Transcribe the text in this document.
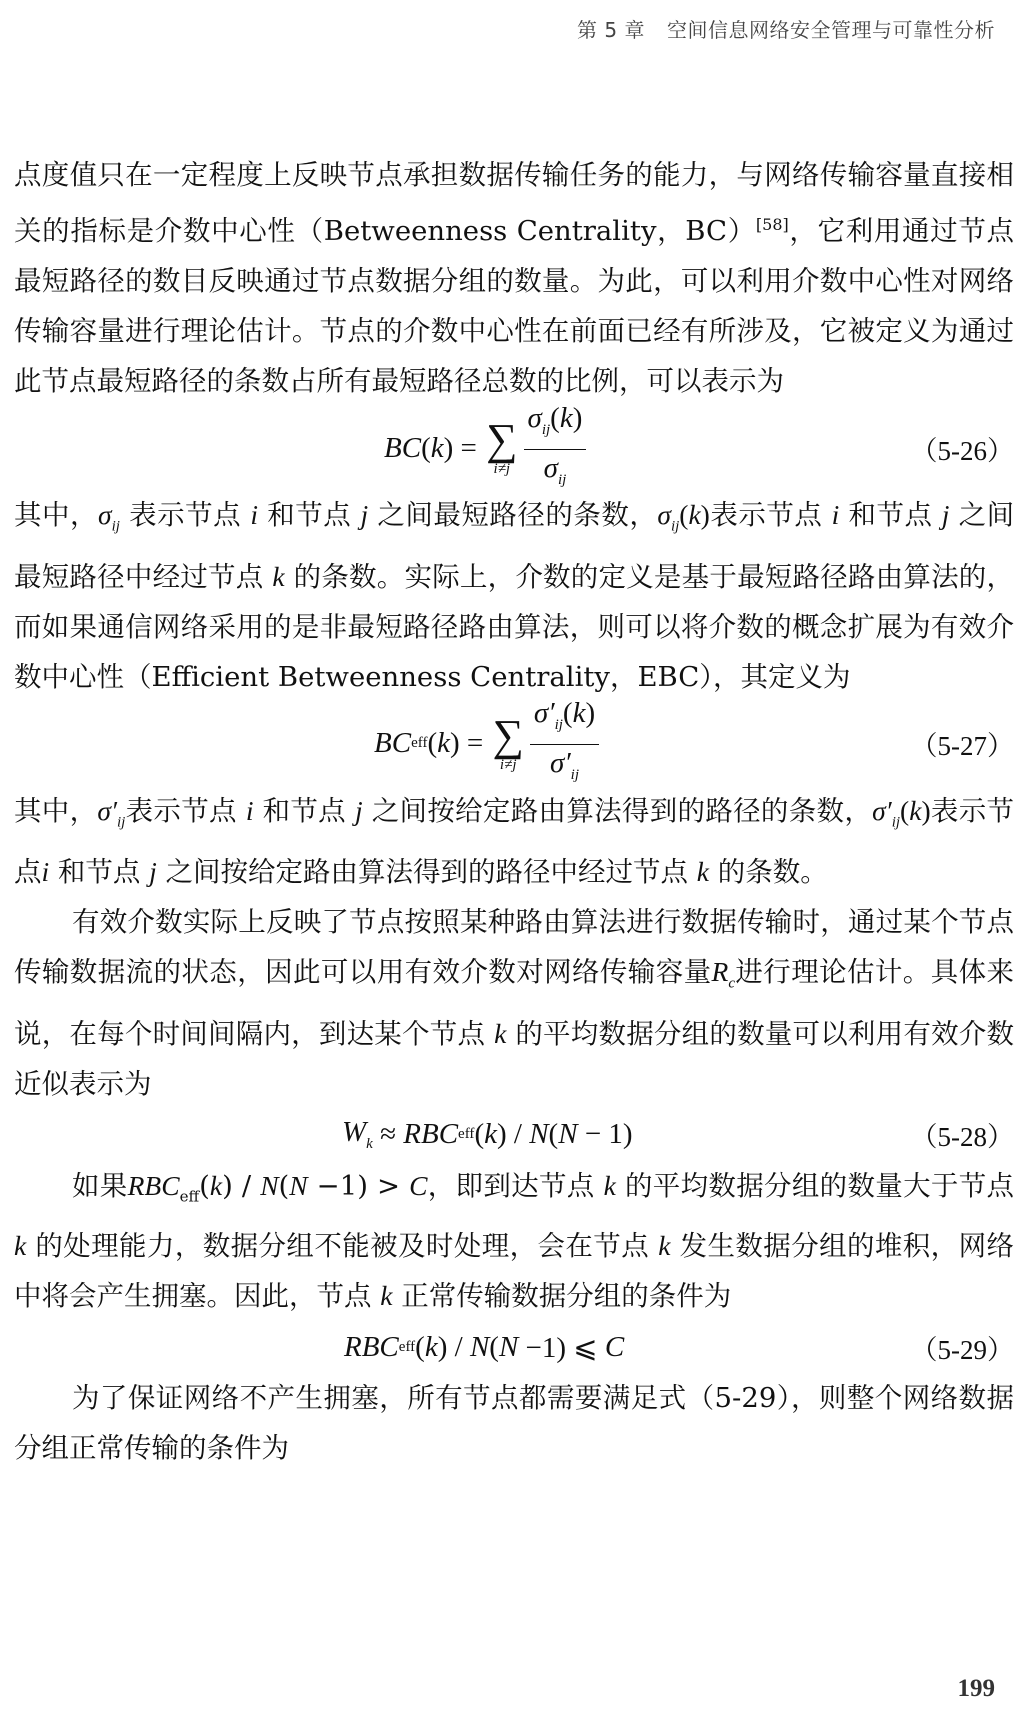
第 5 章 空间信息网络安全管理与可靠性分析

点度值只在一定程度上反映节点承担数据传输任务的能力，与网络传输容量直接相关的指标是介数中心性（Betweenness Centrality，BC）[58]，它利用通过节点最短路径的数目反映通过节点数据分组的数量。为此，可以利用介数中心性对网络传输容量进行理论估计。节点的介数中心性在前面已经有所涉及，它被定义为通过此节点最短路径的条数占所有最短路径总数的比例，可以表示为

BC ( k ) = ∑
$i\ne j \frac{\sigma_{ij}(k)}{\sigma_{ij}}$	（5-26）

其中，$\sigma_{ij}$ 表示节点 i 和节点 j 之间最短路径的条数，$\sigma_{ij}(k)$表示节点 i 和节点 j 之间最短路径中经过节点 k 的条数。实际上，介数的定义是基于最短路径路由算法的，而如果通信网络采用的是非最短路径路由算法，则可以将介数的概念扩展为有效介数中心性（Efficient Betweenness Centrality，EBC），其定义为

BC eff ( k ) = ∑
$i\ne j \frac{\sigma'_{ij}(k)}{\sigma'_{ij}}$	（5-27）

其中，$\sigma'_{ij}$表示节点 i 和节点 j 之间按给定路由算法得到的路径的条数，$\sigma'_{ij}(k)$表示节点i 和节点 j 之间按给定路由算法得到的路径中经过节点 k 的条数。

有效介数实际上反映了节点按照某种路由算法进行数据传输时，通过某个节点传输数据流的状态，因此可以用有效介数对网络传输容量$R_c$进行理论估计。具体来说，在每个时间间隔内，到达某个节点 k 的平均数据分组的数量可以利用有效介数近似表示为

$W_k$ ≈ RBC eff ( k ) / N ( N − 1)	（5-28）

如果$RBC_{eff}(k) / N(N -1) > C$，即到达节点 k 的平均数据分组的数量大于节点 k 的处理能力，数据分组不能被及时处理，会在节点 k 发生数据分组的堆积，网络中将会产生拥塞。因此，节点 k 正常传输数据分组的条件为

RBC eff ( k ) / N ( N −1) ⩽ C	（5-29）

为了保证网络不产生拥塞，所有节点都需要满足式（5-29），则整个网络数据分组正常传输的条件为

199
